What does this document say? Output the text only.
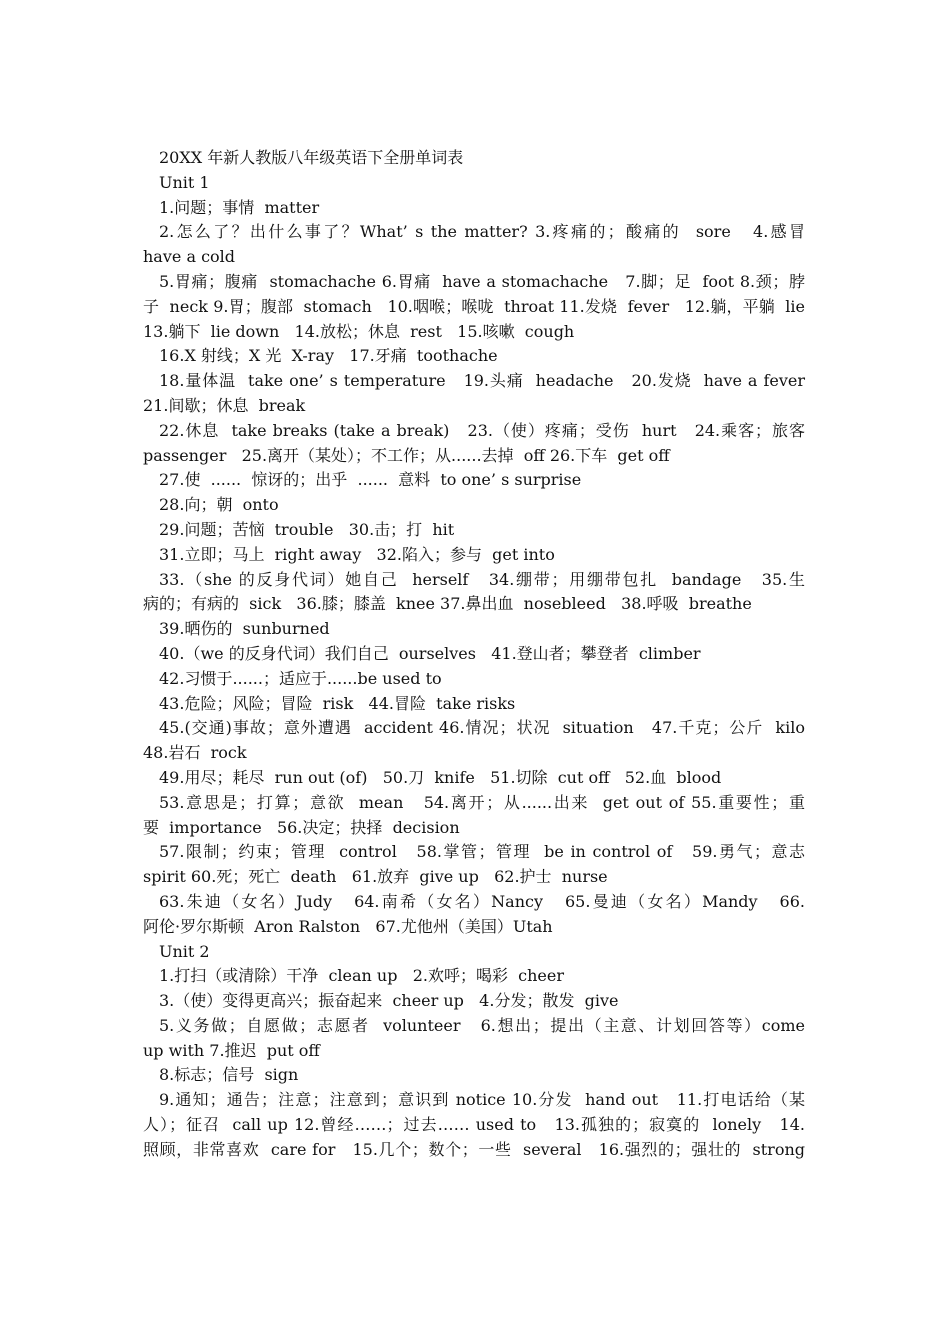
20XX 年新人教版八年级英语下全册单词表
Unit 1
1.问题；事情  matter
2.怎么了？出什么事了？What’ s the matter? 3.疼痛的；酸痛的  sore   4.感冒
have a cold
5.胃痛；腹痛  stomachache 6.胃痛  have a stomachache   7.脚；足  foot 8.颈；脖
子  neck 9.胃；腹部  stomach   10.咽喉；喉咙  throat 11.发烧  fever   12.躺，平躺  lie
13.躺下  lie down   14.放松；休息  rest   15.咳嗽  cough
16.X 射线；X 光  X-ray   17.牙痛  toothache
18.量体温  take one’ s temperature   19.头痛  headache   20.发烧  have a fever
21.间歇；休息  break
22.休息  take breaks (take a break)   23.（使）疼痛；受伤  hurt   24.乘客；旅客
passenger   25.离开（某处）；不工作；从......去掉  off 26.下车  get off
27.使  ......  惊讶的；出乎  ......  意料  to one’ s surprise
28.向；朝  onto
29.问题；苦恼  trouble   30.击；打  hit
31.立即；马上  right away   32.陷入；参与  get into
33.（she 的反身代词）她自己  herself   34.绷带；用绷带包扎  bandage   35.生
病的；有病的  sick   36.膝；膝盖  knee 37.鼻出血  nosebleed   38.呼吸  breathe
39.晒伤的  sunburned
40.（we 的反身代词）我们自己  ourselves   41.登山者；攀登者  climber
42.习惯于......；适应于......be used to
43.危险；风险；冒险  risk   44.冒险  take risks
45.(交通)事故；意外遭遇  accident 46.情况；状况  situation   47.千克；公斤  kilo
48.岩石  rock
49.用尽；耗尽  run out (of)   50.刀  knife   51.切除  cut off   52.血  blood
53.意思是；打算；意欲  mean   54.离开；从......出来  get out of 55.重要性；重
要  importance   56.决定；抉择  decision
57.限制；约束；管理  control   58.掌管；管理  be in control of   59.勇气；意志
spirit 60.死；死亡  death   61.放弃  give up   62.护士  nurse
63.朱迪（女名）Judy   64.南希（女名）Nancy   65.曼迪（女名）Mandy   66.
阿伦·罗尔斯顿  Aron Ralston   67.尤他州（美国）Utah
Unit 2
1.打扫（或清除）干净  clean up   2.欢呼；喝彩  cheer
3.（使）变得更高兴；振奋起来  cheer up   4.分发；散发  give
5.义务做；自愿做；志愿者  volunteer   6.想出；提出（主意、计划回答等）come
up with 7.推迟  put off
8.标志；信号  sign
9.通知；通告；注意；注意到；意识到 notice 10.分发  hand out   11.打电话给（某
人）；征召  call up 12.曾经……；过去…… used to   13.孤独的；寂寞的  lonely   14.
照顾，非常喜欢  care for   15.几个；数个；一些  several   16.强烈的；强壮的  strong
